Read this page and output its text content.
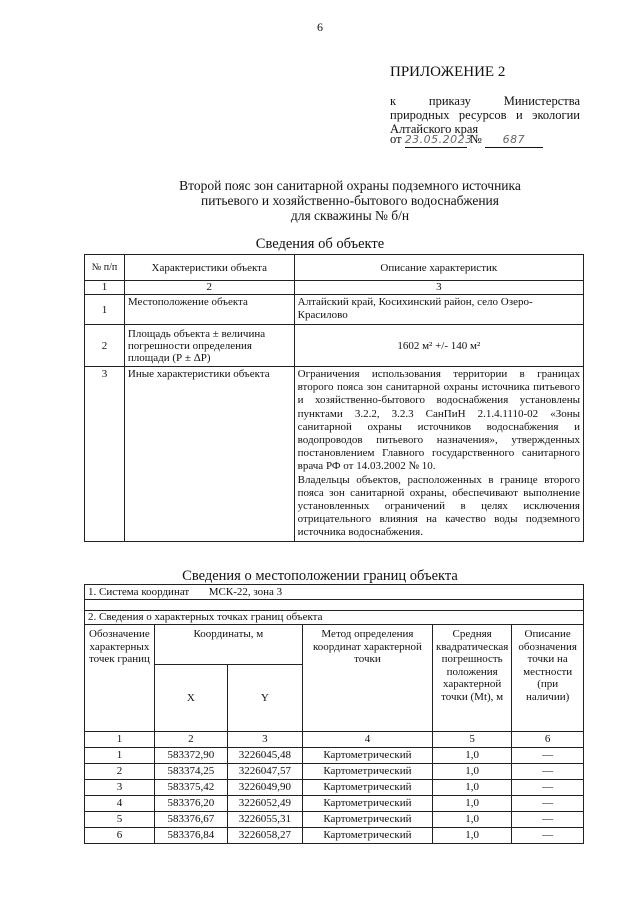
6
ПРИЛОЖЕНИЕ 2
к приказу Министерства природных ресурсов и экологии Алтайского края
от 23.05.2023 № 687
Второй пояс зон санитарной охраны подземного источника
питьевого и хозяйственно-бытового водоснабжения
для скважины № б/н
Сведения об объекте
№ п/п	Характеристики объекта	Описание характеристик
1	2	3
1	Местоположение объекта	Алтайский край, Косихинский район, село Озеро-Красилово
2	Площадь объекта ± величина погрешности определения площади (Р ± ΔР)	1602 м² +/- 140 м²
3	Иные характеристики объекта	Ограничения использования территории в границах второго пояса зон санитарной охраны источника питьевого и хозяйственно-бытового водоснабжения установлены пунктами 3.2.2, 3.2.3 СанПиН 2.1.4.1110-02 «Зоны санитарной охраны источников водоснабжения и водопроводов питьевого назначения», утвержденных постановлением Главного государственного санитарного врача РФ от 14.03.2002 № 10.
Владельцы объектов, расположенных в границе второго пояса зон санитарной охраны, обеспечивают выполнение установленных ограничений в целях исключения отрицательного влияния на качество воды подземного источника водоснабжения.
Сведения о местоположении границ объекта
1. Система координат МСК-22, зона 3					

2. Сведения о характерных точках границ объекта					
Обозначение характерных точек границ	Координаты, м		Метод определения координат характерной точки	Средняя квадратическая погрешность положения характерной точки (Mt), м	Описание обозначения точки на местности (при наличии)
	X	Y			
1	2	3	4	5	6
1	583372,90	3226045,48	Картометрический	1,0	—
2	583374,25	3226047,57	Картометрический	1,0	—
3	583375,42	3226049,90	Картометрический	1,0	—
4	583376,20	3226052,49	Картометрический	1,0	—
5	583376,67	3226055,31	Картометрический	1,0	—
6	583376,84	3226058,27	Картометрический	1,0	—
